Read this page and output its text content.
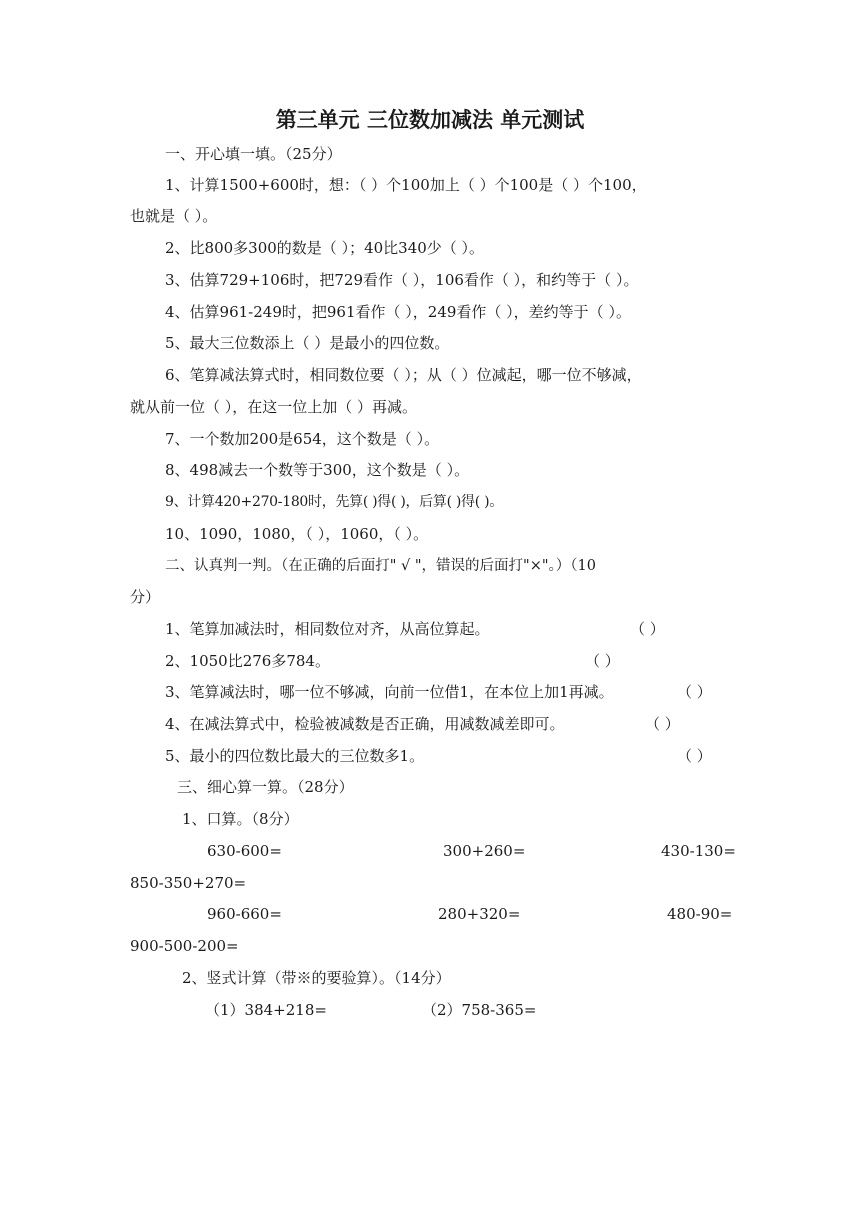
第三单元 三位数加减法 单元测试
一、开心填一填。（25分）
1、计算1500+600时，想：（ ）个100加上（ ）个100是（ ）个100，
也就是（ ）。
2、比800多300的数是（ ）；40比340少（ ）。
3、估算729+106时，把729看作（ ），106看作（ ），和约等于（ ）。
4、估算961-249时，把961看作（ ），249看作（ ），差约等于（ ）。
5、最大三位数添上（ ）是最小的四位数。
6、笔算减法算式时，相同数位要（ ）；从（ ）位减起，哪一位不够减，
就从前一位（ ），在这一位上加（ ）再减。
7、一个数加200是654，这个数是（ ）。
8、498减去一个数等于300，这个数是（ ）。
9、计算420+270-180时，先算( )得( )，后算( )得( )。
10、1090，1080，（ ），1060，（ ）。
二、认真判一判。（在正确的后面打" √ "，错误的后面打"×"。）（10
分）
1、笔算加减法时，相同数位对齐，从高位算起。	（ ）
2、1050比276多784。	（ ）
3、笔算减法时，哪一位不够减，向前一位借1，在本位上加1再减。	（ ）
4、在减法算式中，检验被减数是否正确，用减数减差即可。	（ ）
5、最小的四位数比最大的三位数多1。	（ ）
三、细心算一算。（28分）
1、口算。（8分）
630-600=	300+260=	430-130=
850-350+270=
960-660=	280+320=	480-90=
900-500-200=
2、竖式计算（带※的要验算）。（14分）
（1）384+218=	（2）758-365=
